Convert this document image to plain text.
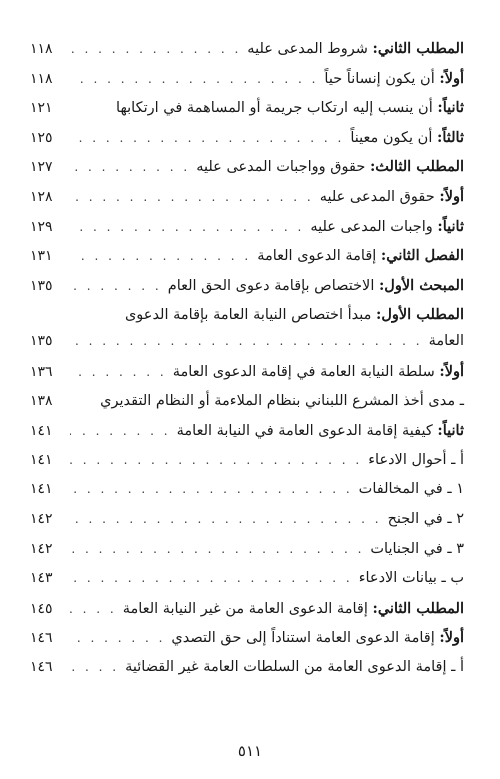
المطلب الثاني: شروط المدعى عليه
. . .
١١٨
أولاً: أن يكون إنساناً حياً
. . .
١١٨
ثانياً: أن ينسب إليه ارتكاب جريمة أو المساهمة في ارتكابها
١٢١
ثالثاً: أن يكون معيناً
. . .
١٢٥
المطلب الثالث: حقوق وواجبات المدعى عليه
. . .
١٢٧
أولاً: حقوق المدعى عليه
. . .
١٢٨
ثانياً: واجبات المدعى عليه
. . .
١٢٩
الفصل الثاني: إقامة الدعوى العامة
. . .
١٣١
المبحث الأول: الاختصاص بإقامة دعوى الحق العام
. . .
١٣٥
المطلب الأول: مبدأ اختصاص النيابة العامة بإقامة الدعوى
العامة
. . .
١٣٥
أولاً: سلطة النيابة العامة في إقامة الدعوى العامة
. . .
١٣٦
ـ مدى أخذ المشرع اللبناني بنظام الملاءمة أو النظام التقديري
١٣٨
ثانياً: كيفية إقامة الدعوى العامة في النيابة العامة
. . .
١٤١
أ ـ أحوال الادعاء
. . .
١٤١
١ ـ في المخالفات
. . .
١٤١
٢ ـ في الجنح
. . .
١٤٢
٣ ـ في الجنايات
. . .
١٤٢
ب ـ بيانات الادعاء
. . .
١٤٣
المطلب الثاني: إقامة الدعوى العامة من غير النيابة العامة
. . .
١٤٥
أولاً: إقامة الدعوى العامة استناداً إلى حق التصدي
. . .
١٤٦
أ ـ إقامة الدعوى العامة من السلطات العامة غير القضائية
. . .
١٤٦
٥١١
